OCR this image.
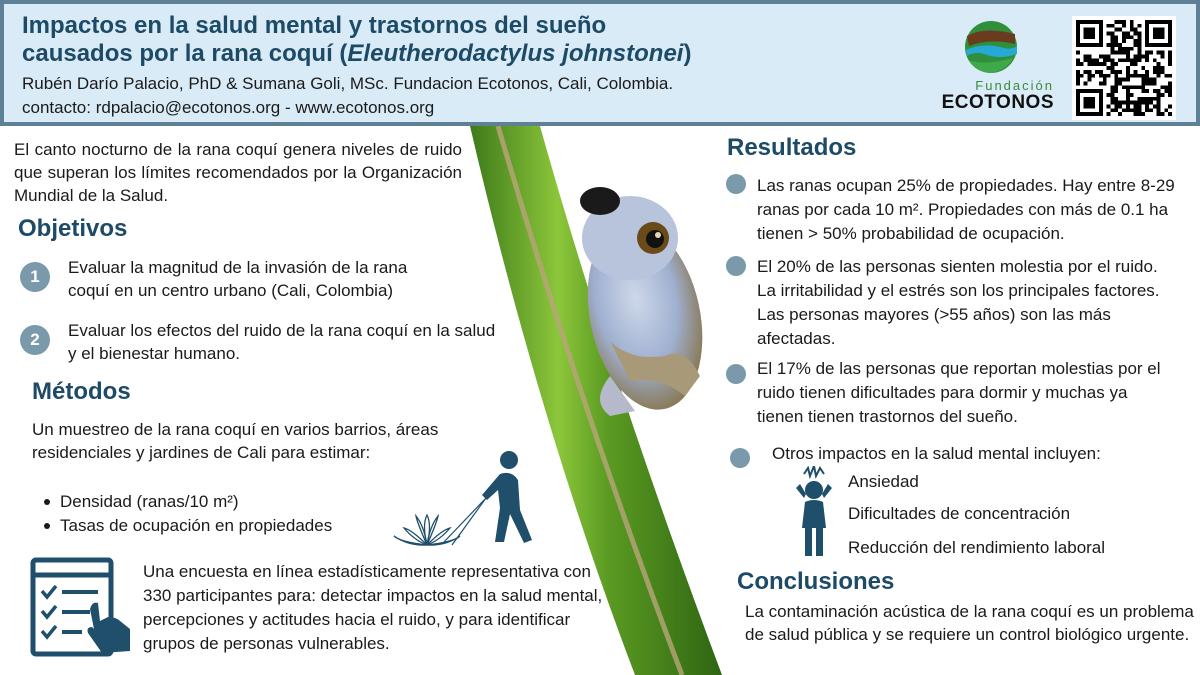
Impactos en la salud mental y trastornos del sueño
causados por la rana coquí (Eleutherodactylus johnstonei)
Rubén Darío Palacio, PhD & Sumana Goli, MSc. Fundacion Ecotonos, Cali, Colombia.
contacto: rdpalacio@ecotonos.org - www.ecotonos.org
Fundación
ECOTONOS
El canto nocturno de la rana coquí genera niveles de ruido que superan los límites recomendados por la Organización Mundial de la Salud.
Objetivos
1	Evaluar la magnitud de la invasión de la rana coquí en un centro urbano (Cali, Colombia)
2	Evaluar los efectos del ruido de la rana coquí en la salud y el bienestar humano.
Métodos
Un muestreo de la rana coquí en varios barrios, áreas residenciales y jardines de Cali para estimar:
Densidad (ranas/10 m²)
Tasas de ocupación en propiedades
Una encuesta en línea estadísticamente representativa con 330 participantes para: detectar impactos en la salud mental, percepciones y actitudes hacia el ruido, y para identificar grupos de personas vulnerables.
Resultados
Las ranas ocupan 25% de propiedades. Hay entre 8-29 ranas por cada 10 m². Propiedades con más de 0.1 ha tienen > 50% probabilidad de ocupación.
El 20% de las personas sienten molestia por el ruido. La irritabilidad y el estrés son los principales factores. Las personas mayores (>55 años) son las más afectadas.
El 17% de las personas que reportan molestias por el ruido tienen dificultades para dormir y muchas ya tienen tienen trastornos del sueño.
Otros impactos en la salud mental incluyen:
Ansiedad
Dificultades de concentración
Reducción del rendimiento laboral
Conclusiones
La contaminación acústica de la rana coquí es un problema de salud pública y se requiere un control biológico urgente.
